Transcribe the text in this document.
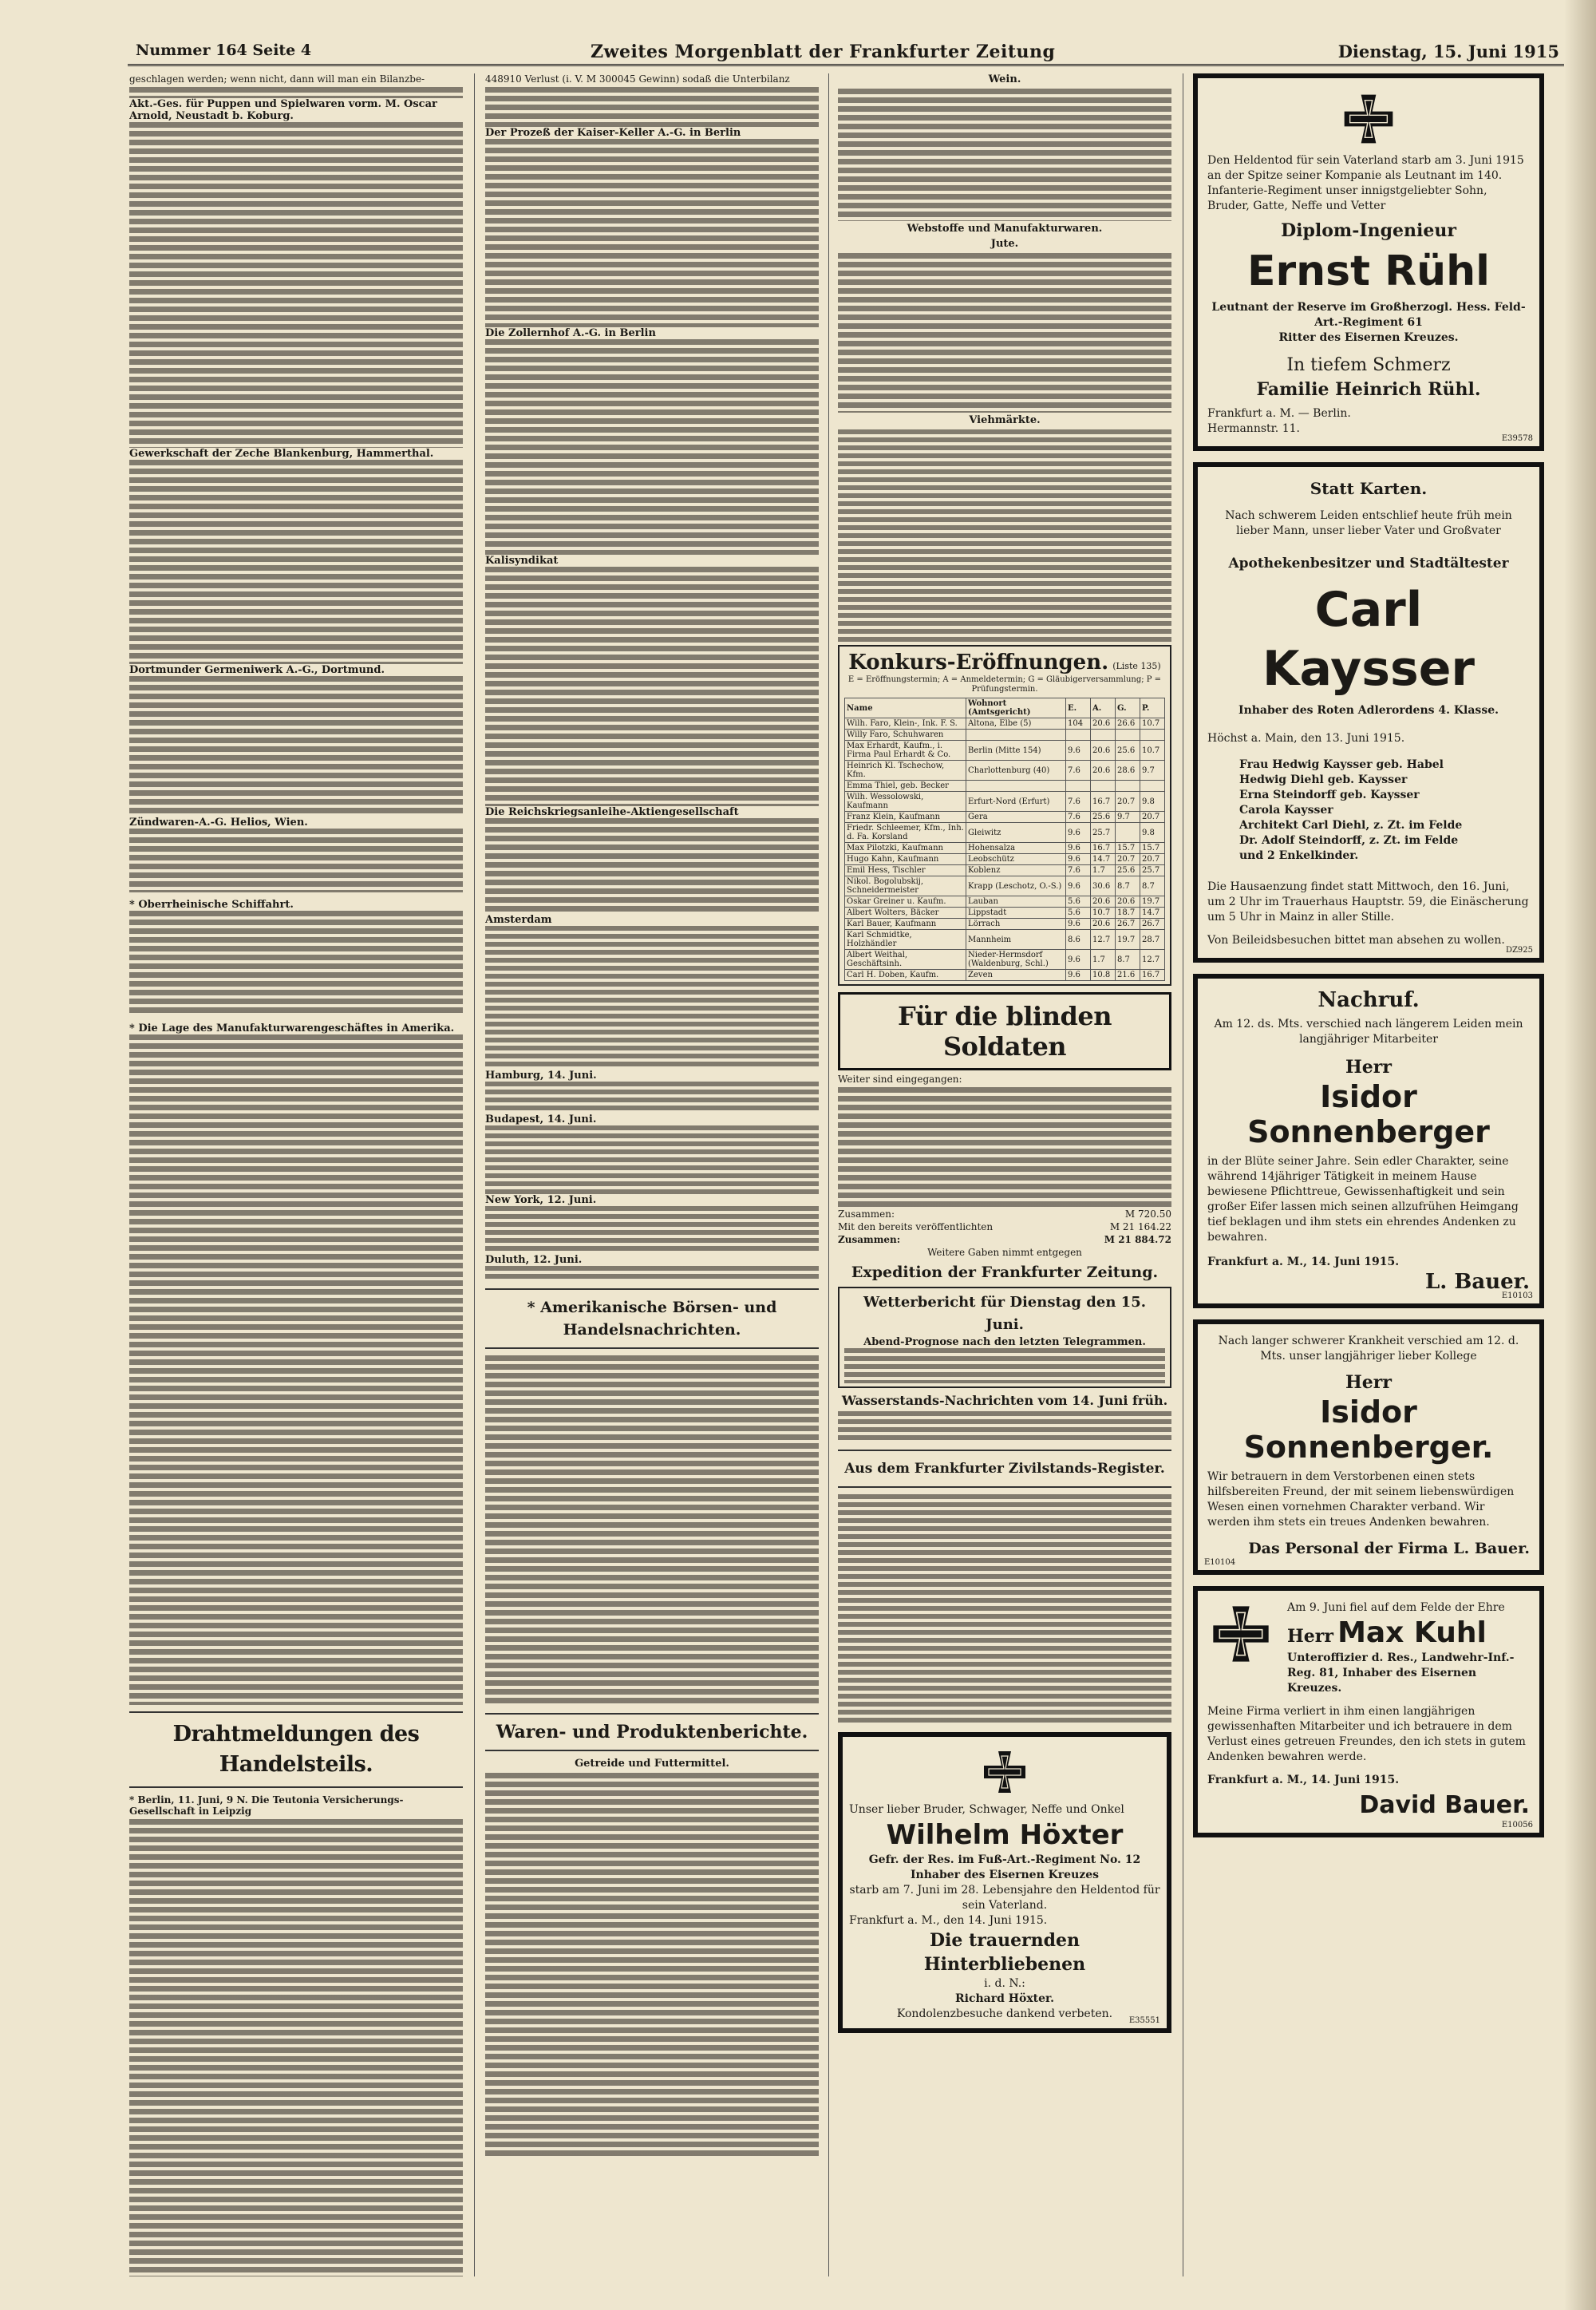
Nummer 164 Seite 4	Zweites Morgenblatt der Frankfurter Zeitung	Dienstag, 15. Juni 1915
geschlagen werden; wenn nicht, dann will man ein Bilanzbe-
Akt.-Ges. für Puppen und Spielwaren vorm. M. Oscar Arnold, Neustadt b. Koburg.
Gewerkschaft der Zeche Blankenburg, Hammerthal.
Dortmunder Germeniwerk A.-G., Dortmund.
Zündwaren-A.-G. Helios, Wien.
* Oberrheinische Schiffahrt.
* Die Lage des Manufakturwarengeschäftes in Amerika.
Drahtmeldungen des Handelsteils.
* Berlin, 11. Juni, 9 N. Die Teutonia Versicherungs-Gesellschaft in Leipzig
448910 Verlust (i. V. M 300045 Gewinn) sodaß die Unterbilanz
Der Prozeß der Kaiser-Keller A.-G. in Berlin
Die Zollernhof A.-G. in Berlin
Kalisyndikat
Die Reichskriegsanleihe-Aktiengesellschaft
Amsterdam
Hamburg, 14. Juni.
Budapest, 14. Juni.
New York, 12. Juni.
Duluth, 12. Juni.
* Amerikanische Börsen- und Handelsnachrichten.
Waren- und Produktenberichte.
Getreide und Futtermittel.
Wein.
Webstoffe und Manufakturwaren.
Jute.
Viehmärkte.
Konkurs-Eröffnungen. (Liste 135)
E = Eröffnungstermin; A = Anmeldetermin; G = Gläubigerversammlung; P = Prüfungstermin.
Name	Wohnort (Amtsgericht)	E.	A.	G.	P.
Wilh. Faro, Klein-, Ink. F. S.	Altona, Elbe (5)	104	20.6	26.6	10.7
Willy Faro, Schuhwaren					
Max Erhardt, Kaufm., i. Firma Paul Erhardt & Co.	Berlin (Mitte 154)	9.6	20.6	25.6	10.7
Heinrich Kl. Tschechow, Kfm.	Charlottenburg (40)	7.6	20.6	28.6	9.7
Emma Thiel, geb. Becker					
Wilh. Wessolowski, Kaufmann	Erfurt-Nord (Erfurt)	7.6	16.7	20.7	9.8
Franz Klein, Kaufmann	Gera	7.6	25.6	9.7	20.7
Friedr. Schleemer, Kfm., Inh. d. Fa. Korsland	Gleiwitz	9.6	25.7		9.8
Max Pilotzki, Kaufmann	Hohensalza	9.6	16.7	15.7	15.7
Hugo Kahn, Kaufmann	Leobschütz	9.6	14.7	20.7	20.7
Emil Hess, Tischler	Koblenz	7.6	1.7	25.6	25.7
Nikol. Bogolubskij, Schneidermeister	Krapp (Leschotz, O.-S.)	9.6	30.6	8.7	8.7
Oskar Greiner u. Kaufm.	Lauban	5.6	20.6	20.6	19.7
Albert Wolters, Bäcker	Lippstadt	5.6	10.7	18.7	14.7
Karl Bauer, Kaufmann	Lörrach	9.6	20.6	26.7	26.7
Karl Schmidtke, Holzhändler	Mannheim	8.6	12.7	19.7	28.7
Albert Weithal, Geschäftsinh.	Nieder-Hermsdorf (Waldenburg, Schl.)	9.6	1.7	8.7	12.7
Carl H. Doben, Kaufm.	Zeven	9.6	10.8	21.6	16.7
Für die blinden Soldaten
Weiter sind eingegangen:
Zusammen:	M 720.50
Mit den bereits veröffentlichten	M 21 164.22
Zusammen:	M 21 884.72
Weitere Gaben nimmt entgegen
Expedition der Frankfurter Zeitung.
Wetterbericht für Dienstag den 15. Juni.
Abend-Prognose nach den letzten Telegrammen.
Wasserstands-Nachrichten vom 14. Juni früh.
Aus dem Frankfurter Zivilstands-Register.
Unser lieber Bruder, Schwager, Neffe und Onkel
Wilhelm Höxter
Gefr. der Res. im Fuß-Art.-Regiment No. 12 Inhaber des Eisernen Kreuzes
starb am 7. Juni im 28. Lebensjahre den Heldentod für sein Vaterland.
Frankfurt a. M., den 14. Juni 1915.
Die trauernden Hinterbliebenen
i. d. N.:
Richard Höxter.
Kondolenzbesuche dankend verbeten.
E35551
Den Heldentod für sein Vaterland starb am 3. Juni 1915 an der Spitze seiner Kompanie als Leutnant im 140. Infanterie-Regiment unser innigstgeliebter Sohn, Bruder, Gatte, Neffe und Vetter
Diplom-Ingenieur
Ernst Rühl
Leutnant der Reserve im Großherzogl. Hess. Feld-Art.-Regiment 61
Ritter des Eisernen Kreuzes.
In tiefem Schmerz
Familie Heinrich Rühl.
Frankfurt a. M. — Berlin.
Hermannstr. 11.
E39578
Statt Karten.
Nach schwerem Leiden entschlief heute früh mein lieber Mann, unser lieber Vater und Großvater
Apothekenbesitzer und Stadtältester
Carl Kaysser
Inhaber des Roten Adlerordens 4. Klasse.
Höchst a. Main, den 13. Juni 1915.
Frau Hedwig Kaysser geb. Habel
Hedwig Diehl geb. Kaysser
Erna Steindorff geb. Kaysser
Carola Kaysser
Architekt Carl Diehl, z. Zt. im Felde
Dr. Adolf Steindorff, z. Zt. im Felde
und 2 Enkelkinder.
Die Hausaenzung findet statt Mittwoch, den 16. Juni, um 2 Uhr im Trauerhaus Hauptstr. 59, die Einäscherung um 5 Uhr in Mainz in aller Stille.
Von Beileidsbesuchen bittet man absehen zu wollen.
DZ925
Nachruf.
Am 12. ds. Mts. verschied nach längerem Leiden mein langjähriger Mitarbeiter
Herr
Isidor Sonnenberger
in der Blüte seiner Jahre. Sein edler Charakter, seine während 14jähriger Tätigkeit in meinem Hause bewiesene Pflichttreue, Gewissenhaftigkeit und sein großer Eifer lassen mich seinen allzufrühen Heimgang tief beklagen und ihm stets ein ehrendes Andenken zu bewahren.
Frankfurt a. M., 14. Juni 1915.
L. Bauer.
E10103
Nach langer schwerer Krankheit verschied am 12. d. Mts. unser langjähriger lieber Kollege
Herr
Isidor Sonnenberger.
Wir betrauern in dem Verstorbenen einen stets hilfsbereiten Freund, der mit seinem liebenswürdigen Wesen einen vornehmen Charakter verband. Wir werden ihm stets ein treues Andenken bewahren.
Das Personal der Firma L. Bauer.
E10104
Am 9. Juni fiel auf dem Felde der Ehre
Herr Max Kuhl
Unteroffizier d. Res., Landwehr-Inf.-Reg. 81, Inhaber des Eisernen Kreuzes.
Meine Firma verliert in ihm einen langjährigen gewissenhaften Mitarbeiter und ich betrauere in dem Verlust eines getreuen Freundes, den ich stets in gutem Andenken bewahren werde.
Frankfurt a. M., 14. Juni 1915.
David Bauer.
E10056
